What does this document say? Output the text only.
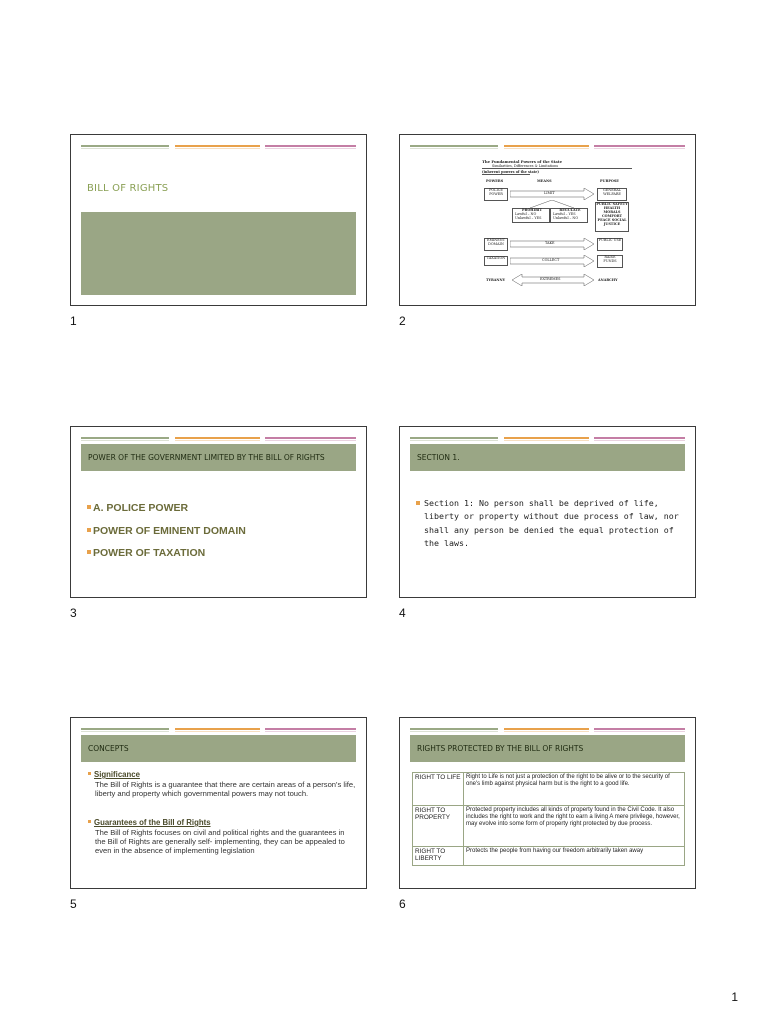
BILL OF RIGHTS
1
The Fundamental Powers of the State
Similarities, Differences & Limitations
(inherent powers of the state)
POWERS	MEANS	PURPOSE
POLICE POWER	LIMIT
GENERAL WELFARE
PROHIBIT
Lawful – NO
Unlawful – YES
REGULATE
Lawful – YES
Unlawful – NO
PUBLIC SAFETY HEALTH MORALS COMFORT PEACE SOCIAL JUSTICE
EMINENT DOMAIN	TAKE
PUBLIC USE
TAXATION	COLLECT
RAISE FUNDS
TYRANNY	EXTREMES	ANARCHY
2
POWER OF THE GOVERNMENT LIMITED BY THE BILL OF RIGHTS
A. POLICE POWER
POWER OF EMINENT DOMAIN
POWER OF TAXATION
3
SECTION 1.
Section 1: No person shall be deprived of life, liberty or property without due process of law, nor shall any person be denied the equal protection of the laws.
4
CONCEPTS
Significance
The Bill of Rights is a guarantee that there are certain areas of a person's life, liberty and property which governmental powers may not touch.
Guarantees of the Bill of Rights
The Bill of Rights focuses on civil and political rights and the guarantees in the Bill of Rights are generally self- implementing, they can be appealed to even in the absence of implementing legislation
5
RIGHTS PROTECTED BY THE BILL OF RIGHTS
RIGHT TO LIFE	Right to Life is not just a protection of the right to be alive or to the security of one's limb against physical harm but is the right to a good life.
RIGHT TO PROPERTY	Protected property includes all kinds of property found in the Civil Code. It also includes the right to work and the right to earn a living A mere privilege, however, may evolve into some form of property right protected by due process.
RIGHT TO LIBERTY	Protects the people from having our freedom arbitrarily taken away
6
1
